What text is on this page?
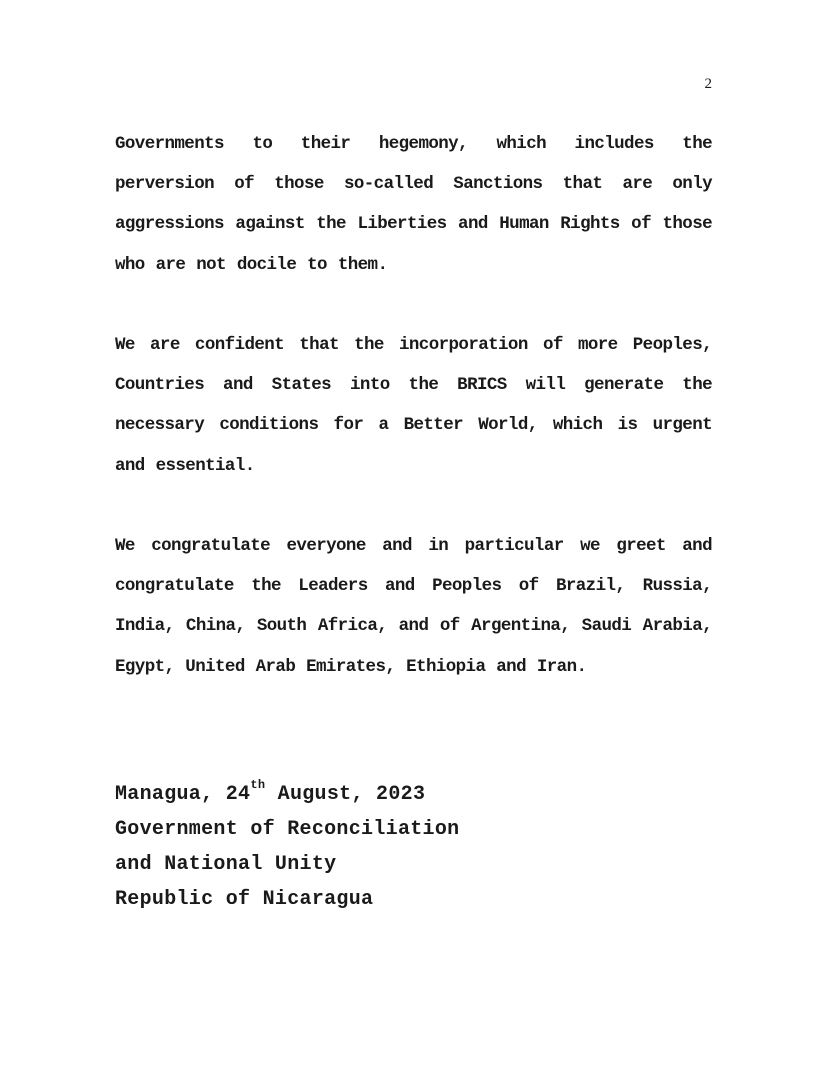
2

Governments to their hegemony, which includes the perversion of those so-called Sanctions that are only aggressions against the Liberties and Human Rights of those who are not docile to them.

We are confident that the incorporation of more Peoples, Countries and States into the BRICS will generate the necessary conditions for a Better World, which is urgent and essential.

We congratulate everyone and in particular we greet and congratulate the Leaders and Peoples of Brazil, Russia, India, China, South Africa, and of Argentina, Saudi Arabia, Egypt, United Arab Emirates, Ethiopia and Iran.

Managua, 24th August, 2023
Government of Reconciliation
and National Unity
Republic of Nicaragua
